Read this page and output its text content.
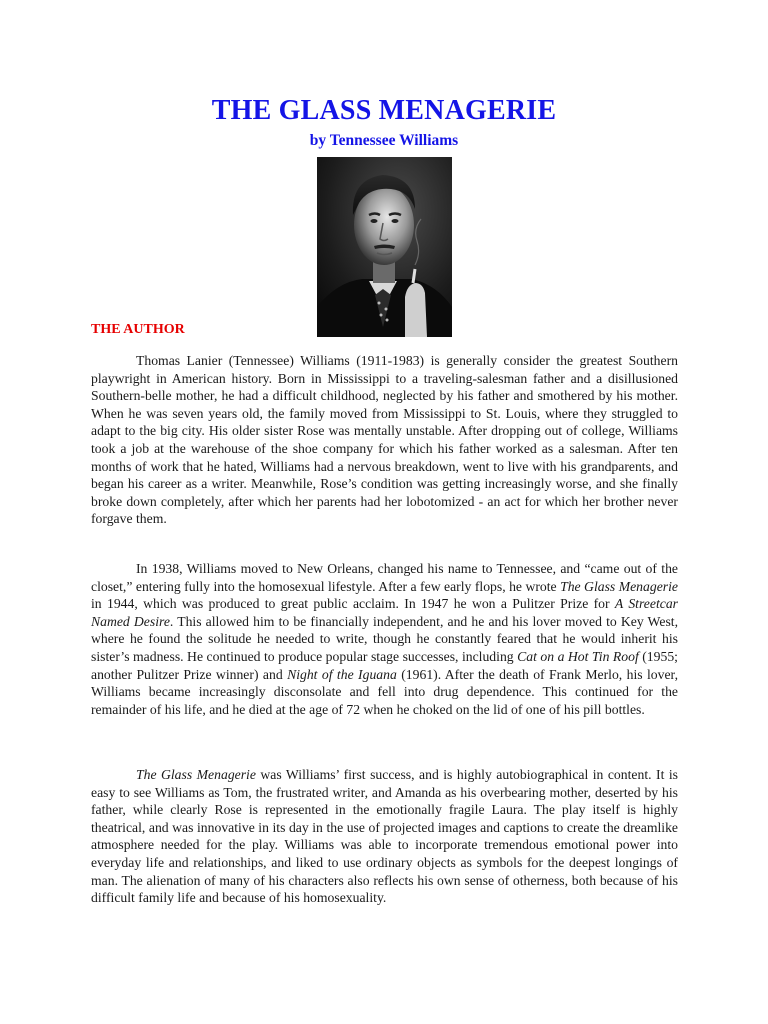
THE GLASS MENAGERIE
by Tennessee Williams
THE AUTHOR

Thomas Lanier (Tennessee) Williams (1911-1983) is generally consider the greatest Southern playwright in American history. Born in Mississippi to a traveling-salesman father and a disillusioned Southern-belle mother, he had a difficult childhood, neglected by his father and smothered by his mother. When he was seven years old, the family moved from Mississippi to St. Louis, where they struggled to adapt to the big city. His older sister Rose was mentally unstable. After dropping out of college, Williams took a job at the warehouse of the shoe company for which his father worked as a salesman. After ten months of work that he hated, Williams had a nervous breakdown, went to live with his grandparents, and began his career as a writer. Meanwhile, Rose’s condition was getting increasingly worse, and she finally broke down completely, after which her parents had her lobotomized - an act for which her brother never forgave them.

In 1938, Williams moved to New Orleans, changed his name to Tennessee, and “came out of the closet,” entering fully into the homosexual lifestyle. After a few early flops, he wrote The Glass Menagerie in 1944, which was produced to great public acclaim. In 1947 he won a Pulitzer Prize for A Streetcar Named Desire. This allowed him to be financially independent, and he and his lover moved to Key West, where he found the solitude he needed to write, though he constantly feared that he would inherit his sister’s madness. He continued to produce popular stage successes, including Cat on a Hot Tin Roof (1955; another Pulitzer Prize winner) and Night of the Iguana (1961). After the death of Frank Merlo, his lover, Williams became increasingly disconsolate and fell into drug dependence. This continued for the remainder of his life, and he died at the age of 72 when he choked on the lid of one of his pill bottles.

The Glass Menagerie was Williams’ first success, and is highly autobiographical in content. It is easy to see Williams as Tom, the frustrated writer, and Amanda as his overbearing mother, deserted by his father, while clearly Rose is represented in the emotionally fragile Laura. The play itself is highly theatrical, and was innovative in its day in the use of projected images and captions to create the dreamlike atmosphere needed for the play. Williams was able to incorporate tremendous emotional power into everyday life and relationships, and liked to use ordinary objects as symbols for the deepest longings of man. The alienation of many of his characters also reflects his own sense of otherness, both because of his difficult family life and because of his homosexuality.
